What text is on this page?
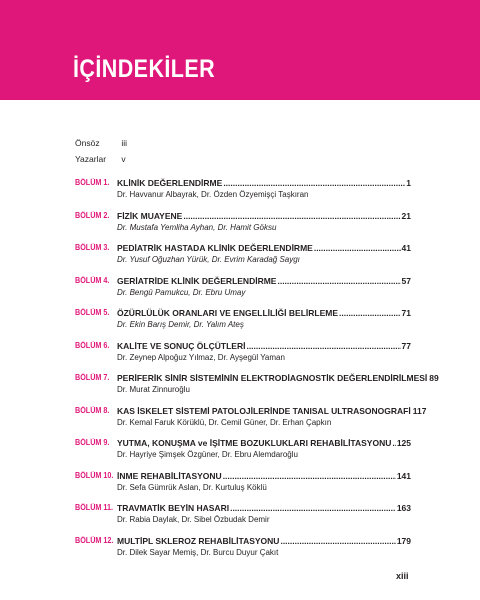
İÇİNDEKİLER
Önsöz	iii
Yazarlar v
BÖLÜM 1. KLİNİK DEĞERLENDİRME .....	1
Dr. Havvanur Albayrak, Dr. Özden Özyemişçi Taşkıran
BÖLÜM 2. FİZİK MUAYENE .....	21
Dr. Mustafa Yemliha Ayhan, Dr. Hamit Göksu
BÖLÜM 3. PEDİATRİK HASTADA KLİNİK DEĞERLENDİRME .....	41
Dr. Yusuf Oğuzhan Yürük, Dr. Evrim Karadağ Saygı
BÖLÜM 4. GERİATRİDE KLİNİK DEĞERLENDİRME .....	57
Dr. Bengü Pamukcu, Dr. Ebru Umay
BÖLÜM 5. ÖZÜRLÜLÜK ORANLARI VE ENGELLİLİĞİ BELİRLEME .....	71
Dr. Ekin Barış Demir, Dr. Yalım Ateş
BÖLÜM 6. KALİTE VE SONUÇ ÖLÇÜTLERİ .....	77
Dr. Zeynep Alpoğuz Yılmaz, Dr. Ayşegül Yaman
BÖLÜM 7. PERİFERİK SİNİR SİSTEMİNİN ELEKTRODİAGNOSTİK DEĞERLENDİRİLMESİ 89
Dr. Murat Zinnuroğlu
BÖLÜM 8. KAS İSKELET SİSTEMİ PATOLOJİLERİNDE TANISAL ULTRASONOGRAFİ 117
Dr. Kemal Faruk Körüklü, Dr. Cemil Güner, Dr. Erhan Çapkın
BÖLÜM 9. YUTMA, KONUŞMA ve İŞİTME BOZUKLUKLARI REHABİLİTASYONU ..... 125
Dr. Hayriye Şimşek Özgüner, Dr. Ebru Alemdaroğlu
BÖLÜM 10. İNME REHABİLİTASYONU .....	141
Dr. Sefa Gümrük Aslan, Dr. Kurtuluş Köklü
BÖLÜM 11. TRAVMATİK BEYİN HASARI .....	163
Dr. Rabia Daylak, Dr. Sibel Özbudak Demir
BÖLÜM 12. MULTİPL SKLEROZ REHABİLİTASYONU .....	179
Dr. Dilek Sayar Memiş, Dr. Burcu Duyur Çakıt
xiii
